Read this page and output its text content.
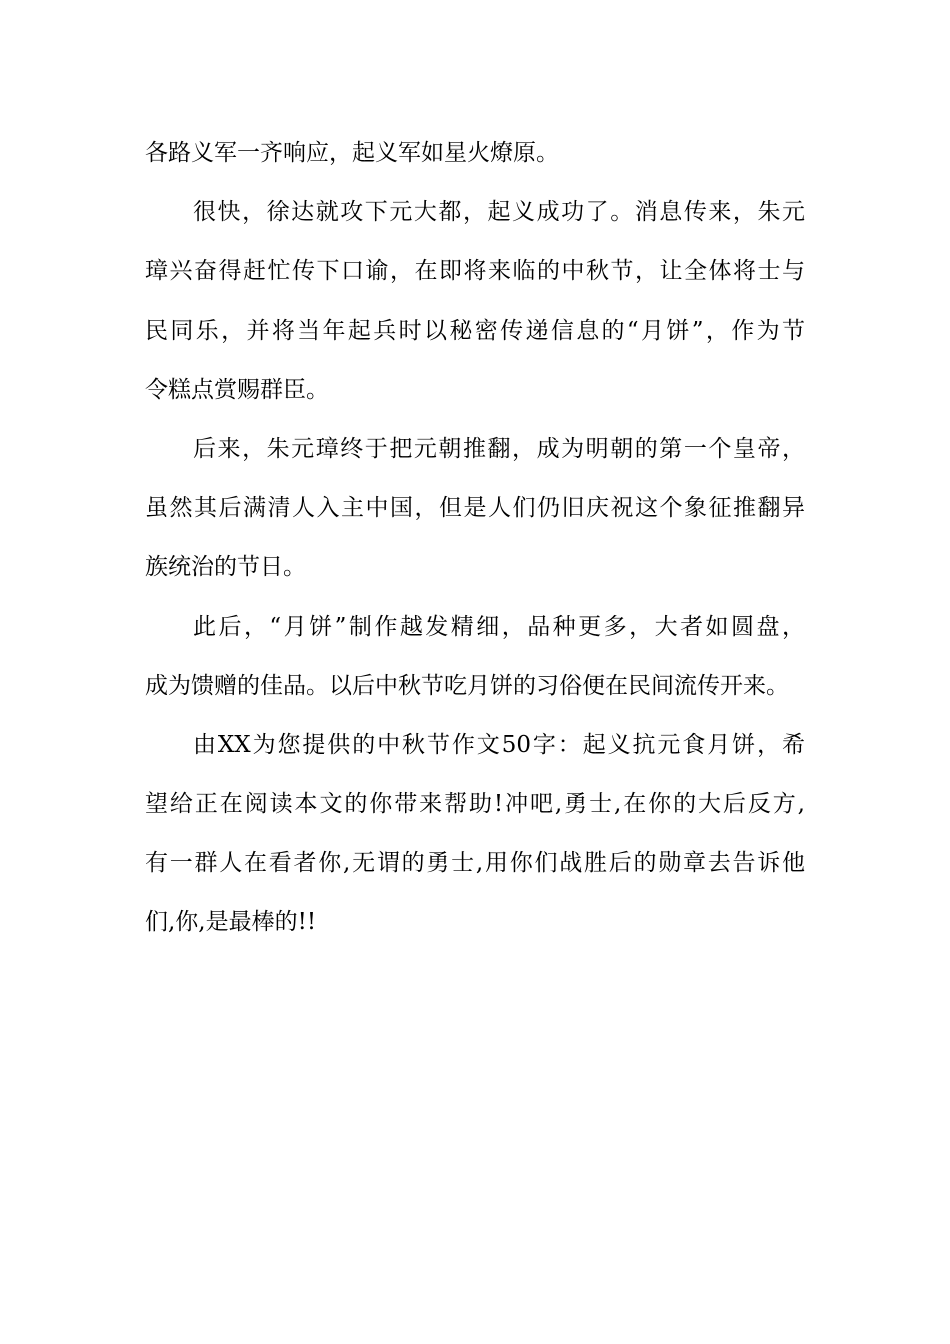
各路义军一齐响应，起义军如星火燎原。
很快，徐达就攻下元大都，起义成功了。消息传来，朱元
璋兴奋得赶忙传下口谕，在即将来临的中秋节，让全体将士与
民同乐，并将当年起兵时以秘密传递信息的“月饼”，作为节
令糕点赏赐群臣。
后来，朱元璋终于把元朝推翻，成为明朝的第一个皇帝，
虽然其后满清人入主中国，但是人们仍旧庆祝这个象征推翻异
族统治的节日。
此后，“月饼”制作越发精细，品种更多，大者如圆盘，
成为馈赠的佳品。以后中秋节吃月饼的习俗便在民间流传开来。
由XX为您提供的中秋节作文50字：起义抗元食月饼，希
望给正在阅读本文的你带来帮助!冲吧,勇士,在你的大后反方,
有一群人在看者你,无谓的勇士,用你们战胜后的勋章去告诉他
们,你,是最棒的!!
